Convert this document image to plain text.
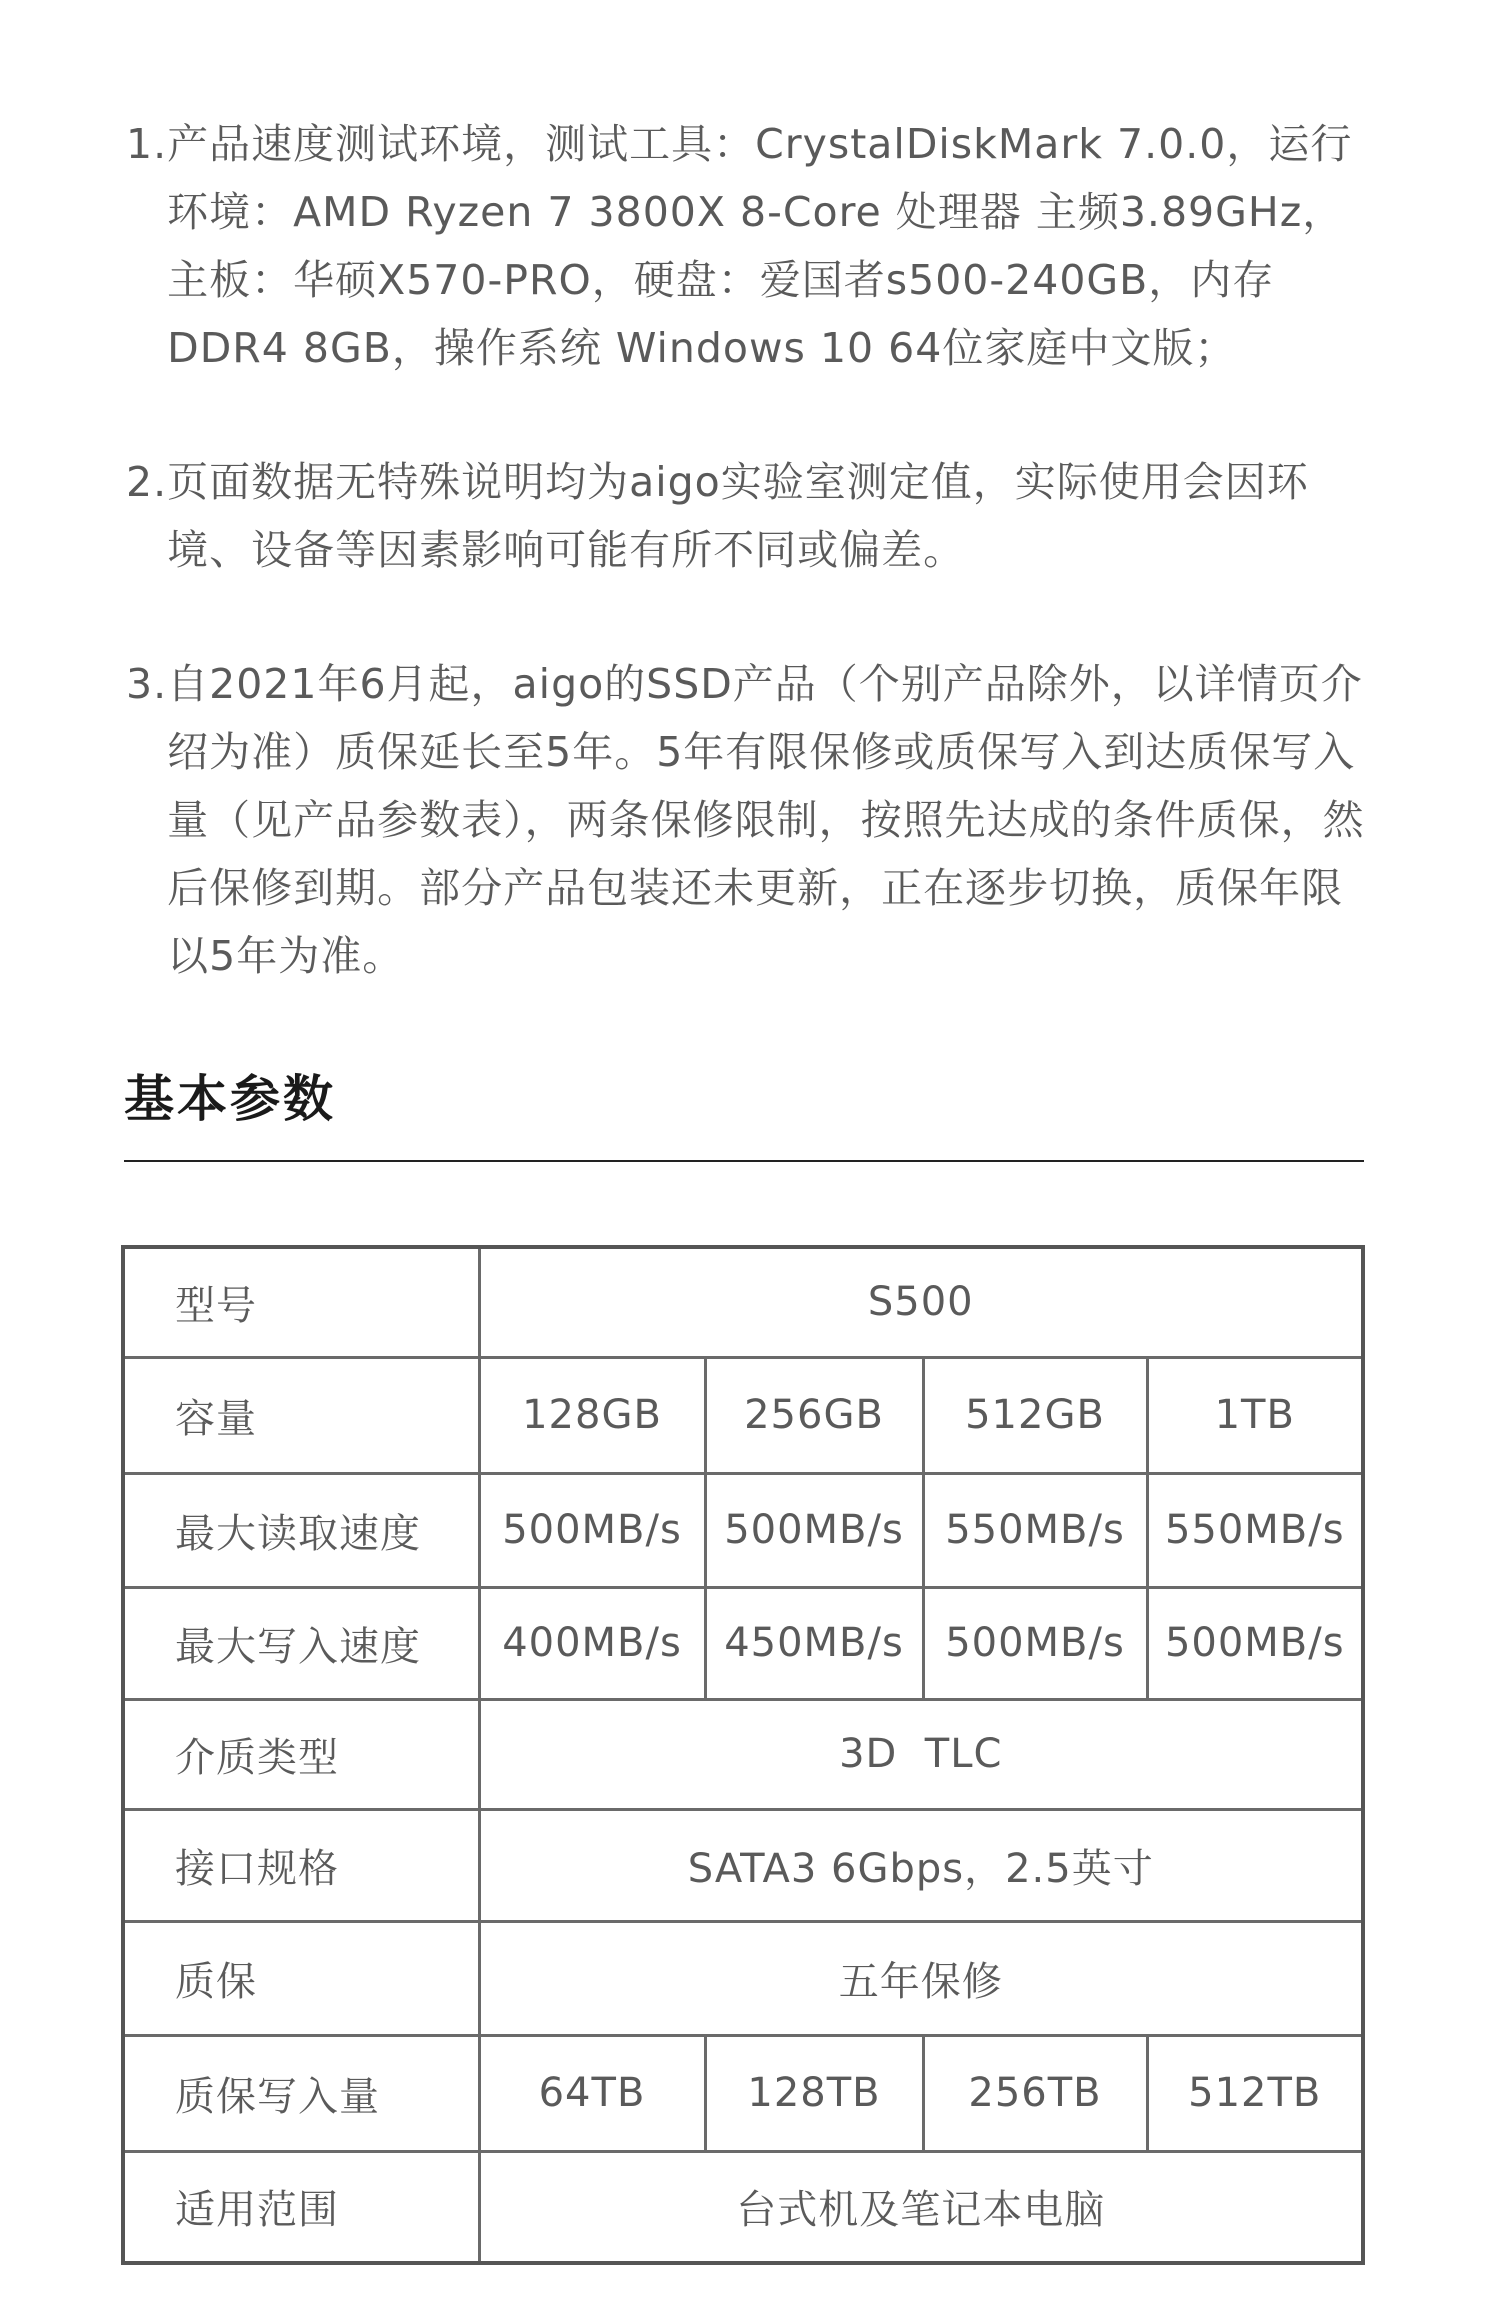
1. 产品速度测试环境，测试工具：CrystalDiskMark 7.0.0，运行环境：AMD Ryzen 7 3800X 8-Core 处理器 主频3.89GHz，主板：华硕X570-PRO，硬盘：爱国者s500-240GB，内存DDR4 8GB，操作系统 Windows 10 64位家庭中文版；
2. 页面数据无特殊说明均为aigo实验室测定值，实际使用会因环境、设备等因素影响可能有所不同或偏差。
3. 自2021年6月起，aigo的SSD产品（个别产品除外，以详情页介绍为准）质保延长至5年。5年有限保修或质保写入到达质保写入量（见产品参数表），两条保修限制，按照先达成的条件质保，然后保修到期。部分产品包装还未更新，正在逐步切换，质保年限以5年为准。
基本参数
型号	S500			
容量	128GB	256GB	512GB	1TB
最大读取速度	500MB/s	500MB/s	550MB/s	550MB/s
最大写入速度	400MB/s	450MB/s	500MB/s	500MB/s
介质类型	3D  TLC			
接口规格	SATA3 6Gbps，2.5英寸			
质保	五年保修			
质保写入量	64TB	128TB	256TB	512TB
适用范围	台式机及笔记本电脑			
